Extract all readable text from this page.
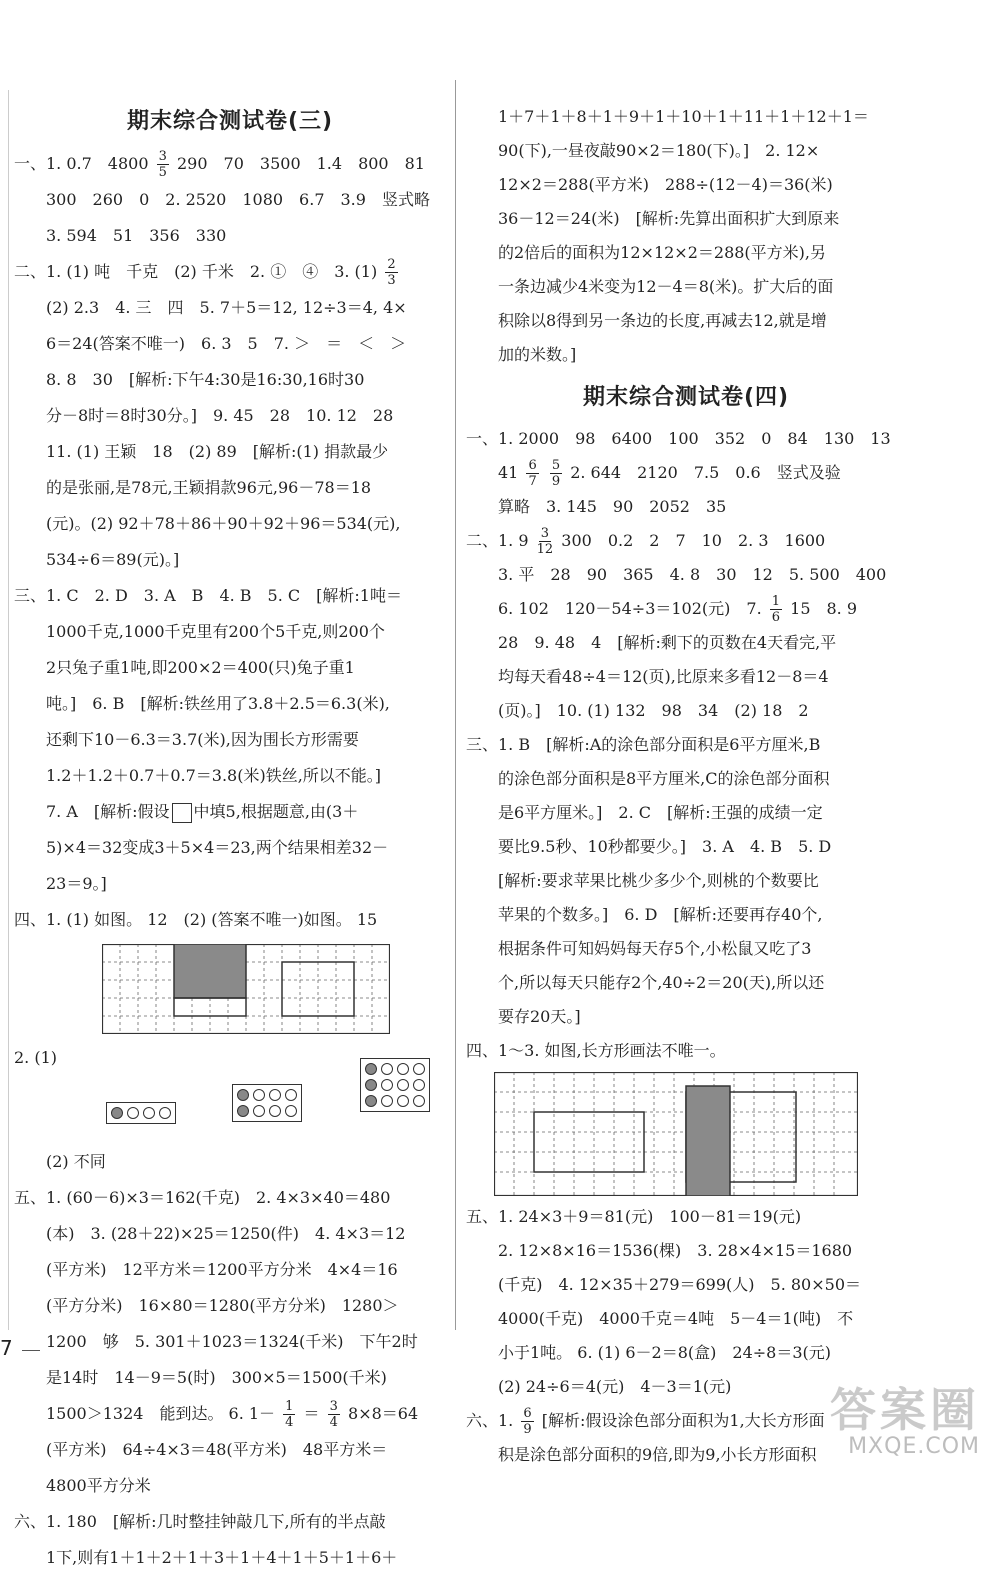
期末综合测试卷(三)

一、1. 0.7　$4800 \frac{3}{5} 290$　70　3500　1.4　800　81

300　260　0　2. 2520　1080　6.7　3.9　竖式略

3. 594　51　356　330

二、1. (1) 吨　千克　(2) 千米　2. ①　④　3. $(1) \frac{2}{3}$

(2) 2.3　4. 三　四　5. 7＋5＝12, 12÷3＝4, 4×

6＝24(答案不唯一)　6. 3　5　7. ＞　＝　＜　＞

8. 8　30　[解析:下午4:30是16:30,16时30

分－8时＝8时30分。]　9. 45　28　10. 12　28

11. (1) 王颖　18　(2) 89　[解析:(1) 捐款最少

的是张丽,是78元,王颖捐款96元,96－78＝18

(元)。(2) 92＋78＋86＋90＋92＋96＝534(元),

534÷6＝89(元)。]

三、1. C　2. D　3. A　B　4. B　5. C　[解析:1吨＝

1000千克,1000千克里有200个5千克,则200个

2只兔子重1吨,即200×2＝400(只)兔子重1

吨。]　6. B　[解析:铁丝用了3.8＋2.5＝6.3(米),

还剩下10－6.3＝3.7(米),因为围长方形需要

1.2＋1.2＋0.7＋0.7＝3.8(米)铁丝,所以不能。]

7. A　[解析:假设 中填5,根据题意,由(3＋

5)×4＝32变成3＋5×4＝23,两个结果相差32－

23＝9。]

四、1. (1) 如图。 12　(2) (答案不唯一)如图。 15

2. (1)

(2) 不同

五、1. (60－6)×3＝162(千克)　2. 4×3×40＝480

(本)　3. (28＋22)×25＝1250(件)　4. 4×3＝12

(平方米)　12平方米＝1200平方分米　4×4＝16

(平方分米)　16×80＝1280(平方分米)　1280＞

1200　够　5. 301＋1023＝1324(千米)　下午2时

是14时　14－9＝5(时)　300×5＝1500(千米)

1500＞1324　能到达。 6. $1- \frac{1}{4} = \frac{3}{4} 8\times 8=64$

(平方米)　64÷4×3＝48(平方米)　48平方米＝

4800平方分米

六、1. 180　[解析:几时整挂钟敲几下,所有的半点敲

1下,则有1＋1＋2＋1＋3＋1＋4＋1＋5＋1＋6＋

7

1＋7＋1＋8＋1＋9＋1＋10＋1＋11＋1＋12＋1＝

90(下),一昼夜敲90×2＝180(下)。]　2. 12×

12×2＝288(平方米)　288÷(12－4)＝36(米)

36－12＝24(米)　[解析:先算出面积扩大到原来

的2倍后的面积为12×12×2＝288(平方米),另

一条边减少4米变为12－4＝8(米)。扩大后的面

积除以8得到另一条边的长度,再减去12,就是增

加的米数。]

期末综合测试卷(四)

一、1. 2000　98　6400　100　352　0　84　130　13

$41 \frac{6}{7}$
$\frac{5}{9} 2$. 644　2120　7.5　0.6　竖式及验

算略　3. 145　90　2052　35

二、1. $9 \frac{3}{12} 300$　0.2　2　7　10　2. 3　1600

3. 平　28　90　365　4. 8　30　12　5. 500　400

6. 102　120－54÷3＝102(元)　7. $\frac{1}{6} 15$　8. 9

28　9. 48　4　[解析:剩下的页数在4天看完,平

均每天看48÷4＝12(页),比原来多看12－8＝4

(页)。]　10. (1) 132　98　34　(2) 18　2

三、1. B　[解析:A的涂色部分面积是6平方厘米,B

的涂色部分面积是8平方厘米,C的涂色部分面积

是6平方厘米。]　2. C　[解析:王强的成绩一定

要比9.5秒、10秒都要少。]　3. A　4. B　5. D

[解析:要求苹果比桃少多少个,则桃的个数要比

苹果的个数多。]　6. D　[解析:还要再存40个,

根据条件可知妈妈每天存5个,小松鼠又吃了3

个,所以每天只能存2个,40÷2＝20(天),所以还

要存20天。]

四、1～3. 如图,长方形画法不唯一。

五、1. 24×3＋9＝81(元)　100－81＝19(元)

2. 12×8×16＝1536(棵)　3. 28×4×15＝1680

(千克)　4. 12×35＋279＝699(人)　5. 80×50＝

4000(千克)　4000千克＝4吨　5－4＝1(吨)　不

小于1吨。 6. (1) 6－2＝8(盒)　24÷8＝3(元)

(2) 24÷6＝4(元)　4－3＝1(元)

六、1. $\frac{6}{9}$ [解析:假设涂色部分面积为1,大长方形面

积是涂色部分面积的9倍,即为9,小长方形面积

答案圈
MXQE.COM
